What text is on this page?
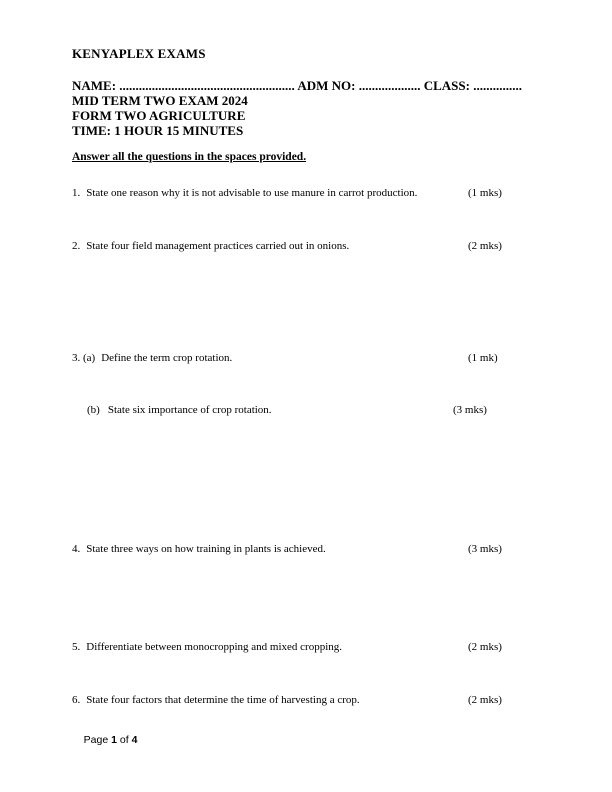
KENYAPLEX EXAMS
NAME: ...................................................... ADM NO: ................... CLASS: ...............
MID TERM TWO EXAM 2024
FORM TWO AGRICULTURE
TIME: 1 HOUR 15 MINUTES
Answer all the questions in the spaces provided.
1. State one reason why it is not advisable to use manure in carrot production.	(1 mks)
2. State four field management practices carried out in onions.	(2 mks)
3. (a) Define the term crop rotation.	(1 mk)
(b) State six importance of crop rotation.	(3 mks)
4. State three ways on how training in plants is achieved.	(3 mks)
5. Differentiate between monocropping and mixed cropping.	(2 mks)
6. State four factors that determine the time of harvesting a crop.	(2 mks)

Page 1 of 4
